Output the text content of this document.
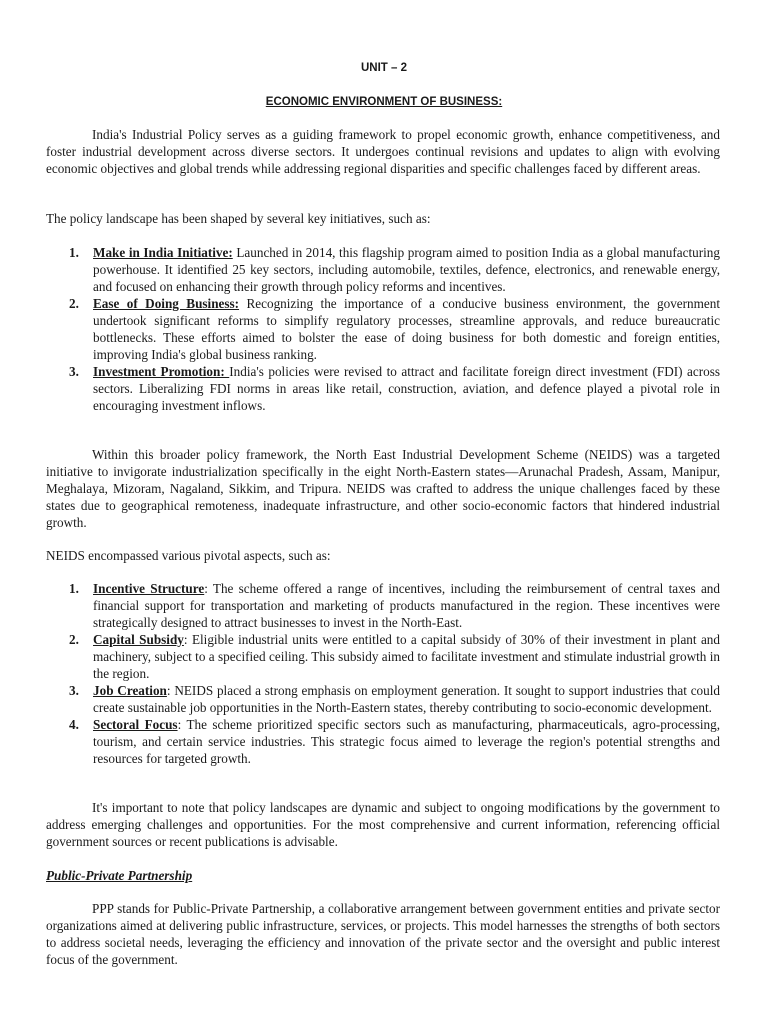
UNIT – 2
ECONOMIC ENVIRONMENT OF BUSINESS:

India's Industrial Policy serves as a guiding framework to propel economic growth, enhance competitiveness, and foster industrial development across diverse sectors. It undergoes continual revisions and updates to align with evolving economic objectives and global trends while addressing regional disparities and specific challenges faced by different areas.

The policy landscape has been shaped by several key initiatives, such as:

1. Make in India Initiative: Launched in 2014, this flagship program aimed to position India as a global manufacturing powerhouse. It identified 25 key sectors, including automobile, textiles, defence, electronics, and renewable energy, and focused on enhancing their growth through policy reforms and incentives.
2. Ease of Doing Business: Recognizing the importance of a conducive business environment, the government undertook significant reforms to simplify regulatory processes, streamline approvals, and reduce bureaucratic bottlenecks. These efforts aimed to bolster the ease of doing business for both domestic and foreign entities, improving India's global business ranking.
3. Investment Promotion: India's policies were revised to attract and facilitate foreign direct investment (FDI) across sectors. Liberalizing FDI norms in areas like retail, construction, aviation, and defence played a pivotal role in encouraging investment inflows.

Within this broader policy framework, the North East Industrial Development Scheme (NEIDS) was a targeted initiative to invigorate industrialization specifically in the eight North-Eastern states—Arunachal Pradesh, Assam, Manipur, Meghalaya, Mizoram, Nagaland, Sikkim, and Tripura. NEIDS was crafted to address the unique challenges faced by these states due to geographical remoteness, inadequate infrastructure, and other socio-economic factors that hindered industrial growth.

NEIDS encompassed various pivotal aspects, such as:

1. Incentive Structure: The scheme offered a range of incentives, including the reimbursement of central taxes and financial support for transportation and marketing of products manufactured in the region. These incentives were strategically designed to attract businesses to invest in the North-East.
2. Capital Subsidy: Eligible industrial units were entitled to a capital subsidy of 30% of their investment in plant and machinery, subject to a specified ceiling. This subsidy aimed to facilitate investment and stimulate industrial growth in the region.
3. Job Creation: NEIDS placed a strong emphasis on employment generation. It sought to support industries that could create sustainable job opportunities in the North-Eastern states, thereby contributing to socio-economic development.
4. Sectoral Focus: The scheme prioritized specific sectors such as manufacturing, pharmaceuticals, agro-processing, tourism, and certain service industries. This strategic focus aimed to leverage the region's potential strengths and resources for targeted growth.

It's important to note that policy landscapes are dynamic and subject to ongoing modifications by the government to address emerging challenges and opportunities. For the most comprehensive and current information, referencing official government sources or recent publications is advisable.

Public-Private Partnership

PPP stands for Public-Private Partnership, a collaborative arrangement between government entities and private sector organizations aimed at delivering public infrastructure, services, or projects. This model harnesses the strengths of both sectors to address societal needs, leveraging the efficiency and innovation of the private sector and the oversight and public interest focus of the government.
